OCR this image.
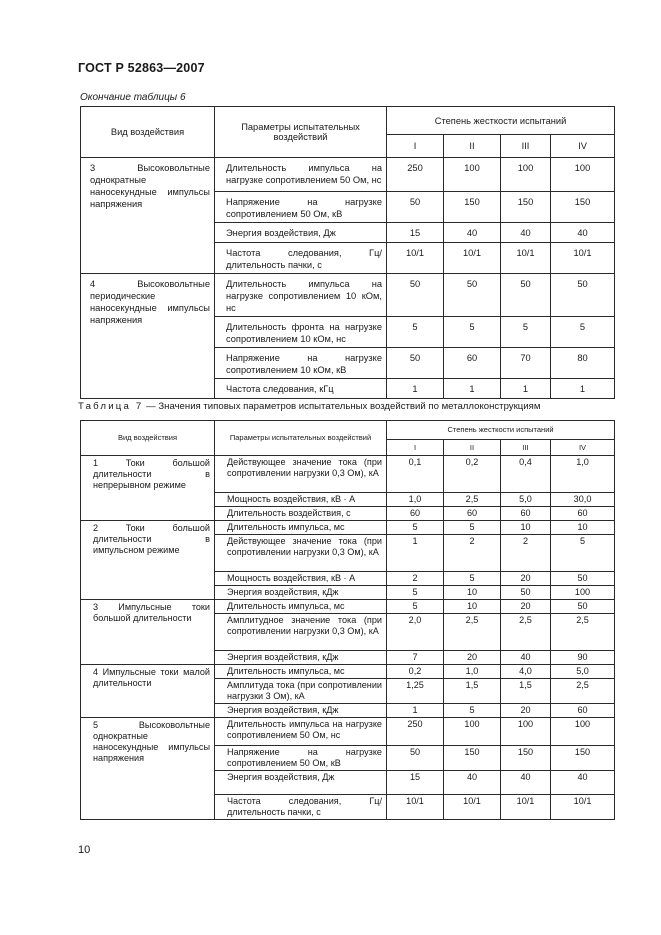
ГОСТ Р 52863—2007
Окончание таблицы 6
Вид воздействия	Параметры испытательных воздействий	Степень жесткости испытаний			
		I	II	III	IV
3 Высоковольтные однократные наносекундные импульсы напряжения	Длительность импульса на нагрузке сопротивлением 50 Ом, нс	250	100	100	100
	Напряжение на нагрузке сопротивлением 50 Ом, кВ	50	150	150	150
	Энергия воздействия, Дж	15	40	40	40
	Частота следования, Гц/длительность пачки, с	10/1	10/1	10/1	10/1
4 Высоковольтные периодические наносекундные импульсы напряжения	Длительность импульса на нагрузке сопротивлением 10 кОм, нс	50	50	50	50
	Длительность фронта на нагрузке сопротивлением 10 кОм, нс	5	5	5	5
	Напряжение на нагрузке сопротивлением 10 кОм, кВ	50	60	70	80
	Частота следования, кГц	1	1	1	1
Таблица 7 — Значения типовых параметров испытательных воздействий по металлоконструкциям
Вид воздействия	Параметры испытательных воздействий	Степень жесткости испытаний			
		I	II	III	IV
1 Токи большой длительности в непрерывном режиме	Действующее значение тока (при сопротивлении нагрузки 0,3 Ом), кА	0,1	0,2	0,4	1,0
	Мощность воздействия, кВ · А	1,0	2,5	5,0	30,0
	Длительность воздействия, с	60	60	60	60
2 Токи большой длительности в импульсном режиме	Длительность импульса, мс	5	5	10	10
	Действующее значение тока (при сопротивлении нагрузки 0,3 Ом), кА	1	2	2	5
	Мощность воздействия, кВ · А	2	5	20	50
	Энергия воздействия, кДж	5	10	50	100
3 Импульсные токи большой длительности	Длительность импульса, мс	5	10	20	50
	Амплитудное значение тока (при сопротивлении нагрузки 0,3 Ом), кА	2,0	2,5	2,5	2,5
	Энергия воздействия, кДж	7	20	40	90
4 Импульсные токи малой длительности	Длительность импульса, мс	0,2	1,0	4,0	5,0
	Амплитуда тока (при сопротивлении нагрузки 3 Ом), кА	1,25	1,5	1,5	2,5
	Энергия воздействия, кДж	1	5	20	60
5 Высоковольтные однократные наносекундные импульсы напряжения	Длительность импульса на нагрузке сопротивлением 50 Ом, нс	250	100	100	100
	Напряжение на нагрузке сопротивлением 50 Ом, кВ	50	150	150	150
	Энергия воздействия, Дж	15	40	40	40
	Частота следования, Гц/длительность пачки, с	10/1	10/1	10/1	10/1
10
